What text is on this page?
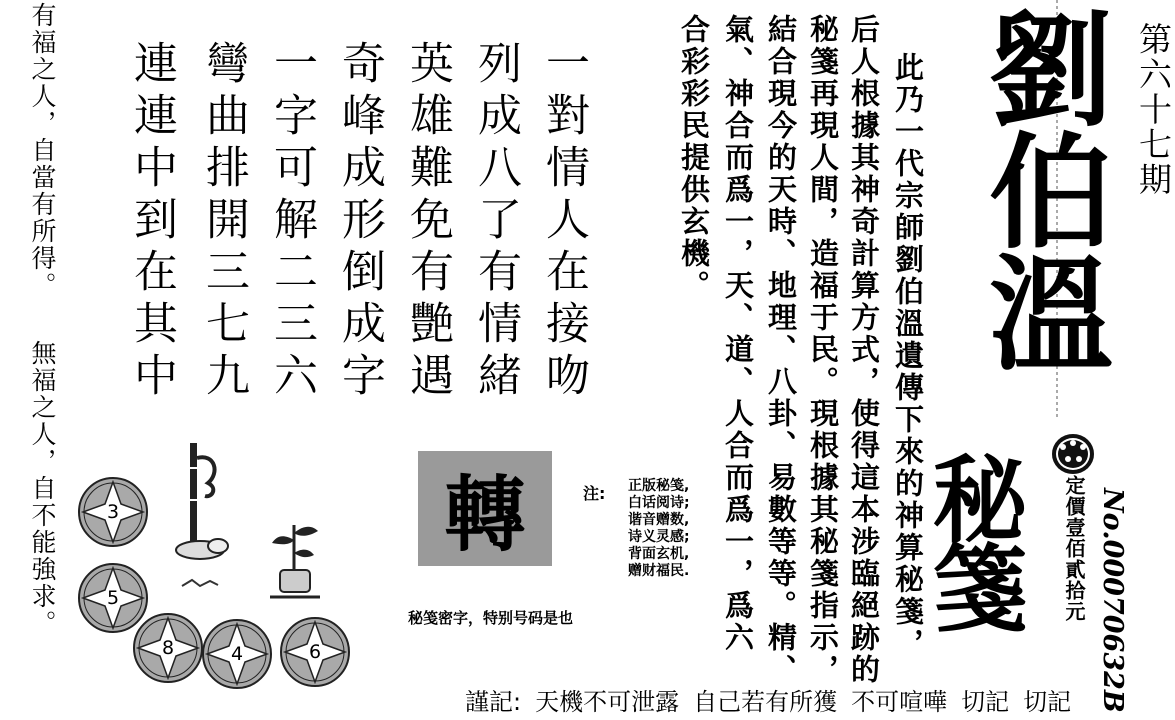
劉伯溫 第六十七期
秘箋 定價壹佰貳拾元 No.00070632B
此乃一代宗師劉伯溫遺傳下來的神算秘箋，
后人根據其神奇計算方式，使得這本涉臨絕跡的
秘箋再現人間，造福于民。現根據其秘箋指示，
結合現今的天時、地理、八卦、易數等等。精、
氣、神合而爲一，天、道、人合而爲一，爲六
合彩彩民提供玄機。
一對情人在接吻
列成八了有情緒
英雄難免有艷遇
奇峰成形倒成字
一字可解二三六
彎曲排開三七九
連連中到在其中
有福之人，自當有所得。
無福之人，自不能強求。	3
5
8	4	6
轉	注: 正版秘笺,
白话阅诗;
谐音赠数,
诗义灵感;
背面玄机,
赠财福民.
秘笺密字，特别号码是也
謹記: 天機不可泄露 自己若有所獲 不可喧嘩 切記 切記
